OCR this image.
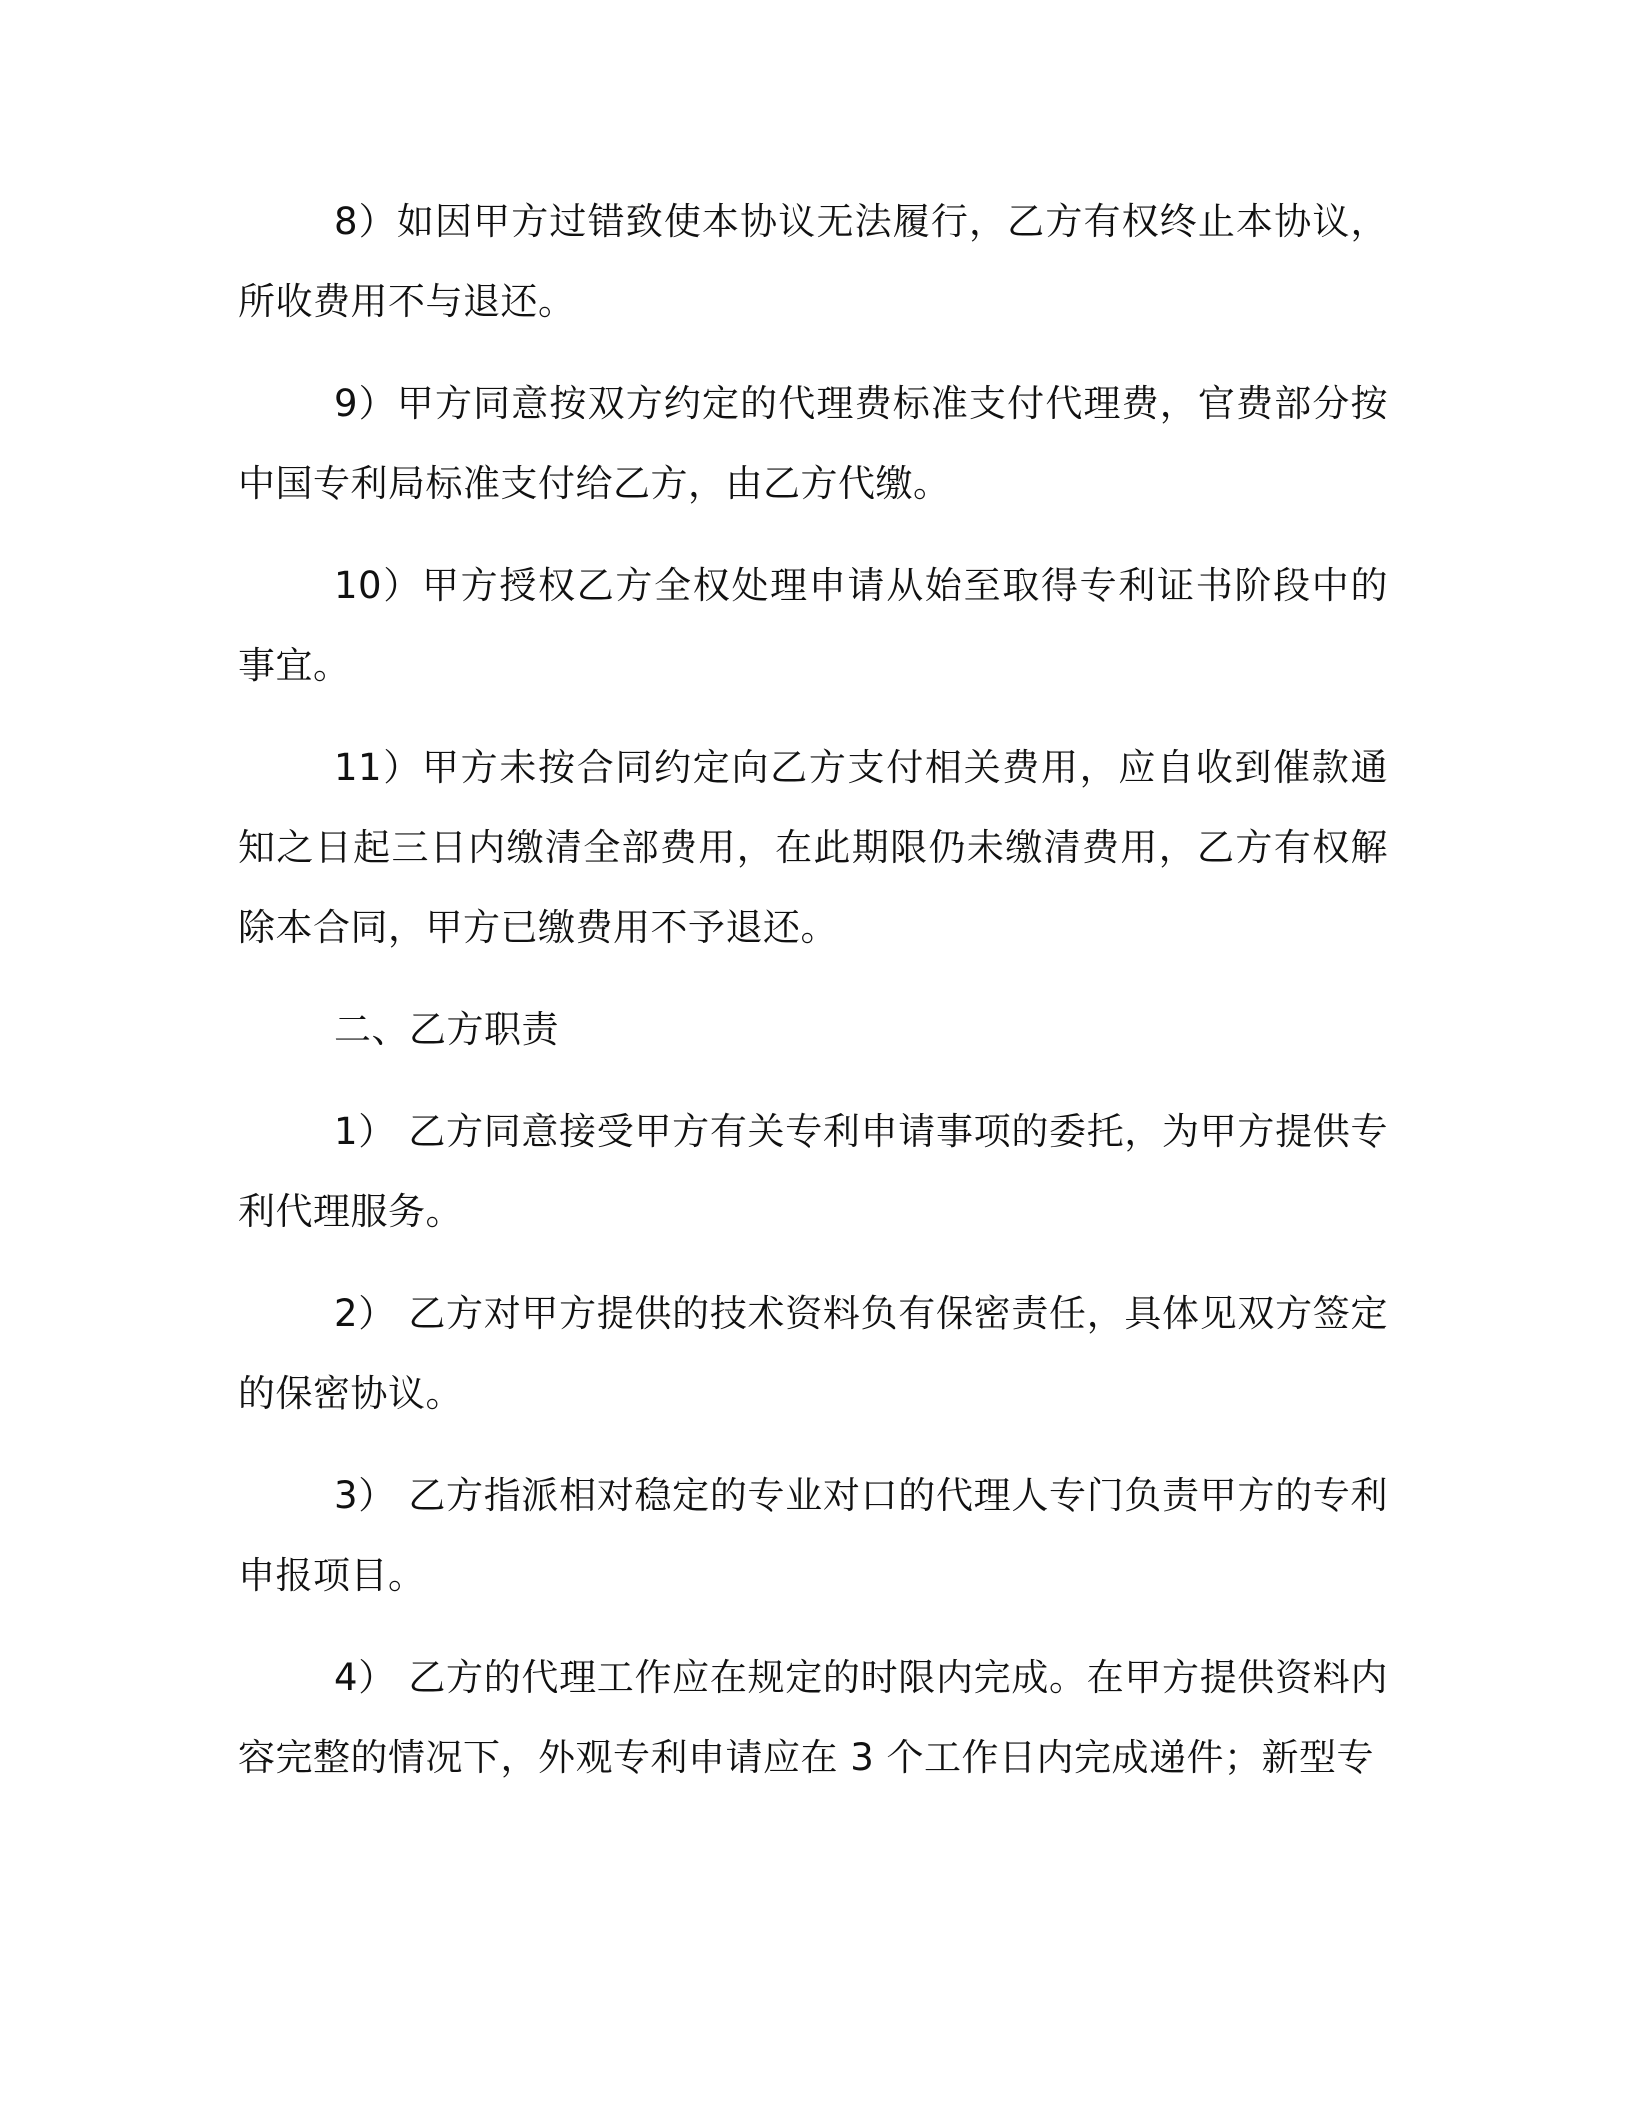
8）如因甲方过错致使本协议无法履行，乙方有权终止本协议，所收费用不与退还。

9）甲方同意按双方约定的代理费标准支付代理费，官费部分按中国专利局标准支付给乙方，由乙方代缴。

10）甲方授权乙方全权处理申请从始至取得专利证书阶段中的事宜。

11）甲方未按合同约定向乙方支付相关费用，应自收到催款通知之日起三日内缴清全部费用，在此期限仍未缴清费用，乙方有权解除本合同，甲方已缴费用不予退还。

二、乙方职责

1） 乙方同意接受甲方有关专利申请事项的委托，为甲方提供专利代理服务。

2） 乙方对甲方提供的技术资料负有保密责任，具体见双方签定的保密协议。

3） 乙方指派相对稳定的专业对口的代理人专门负责甲方的专利申报项目。

4） 乙方的代理工作应在规定的时限内完成。在甲方提供资料内容完整的情况下，外观专利申请应在 3 个工作日内完成递件；新型专
